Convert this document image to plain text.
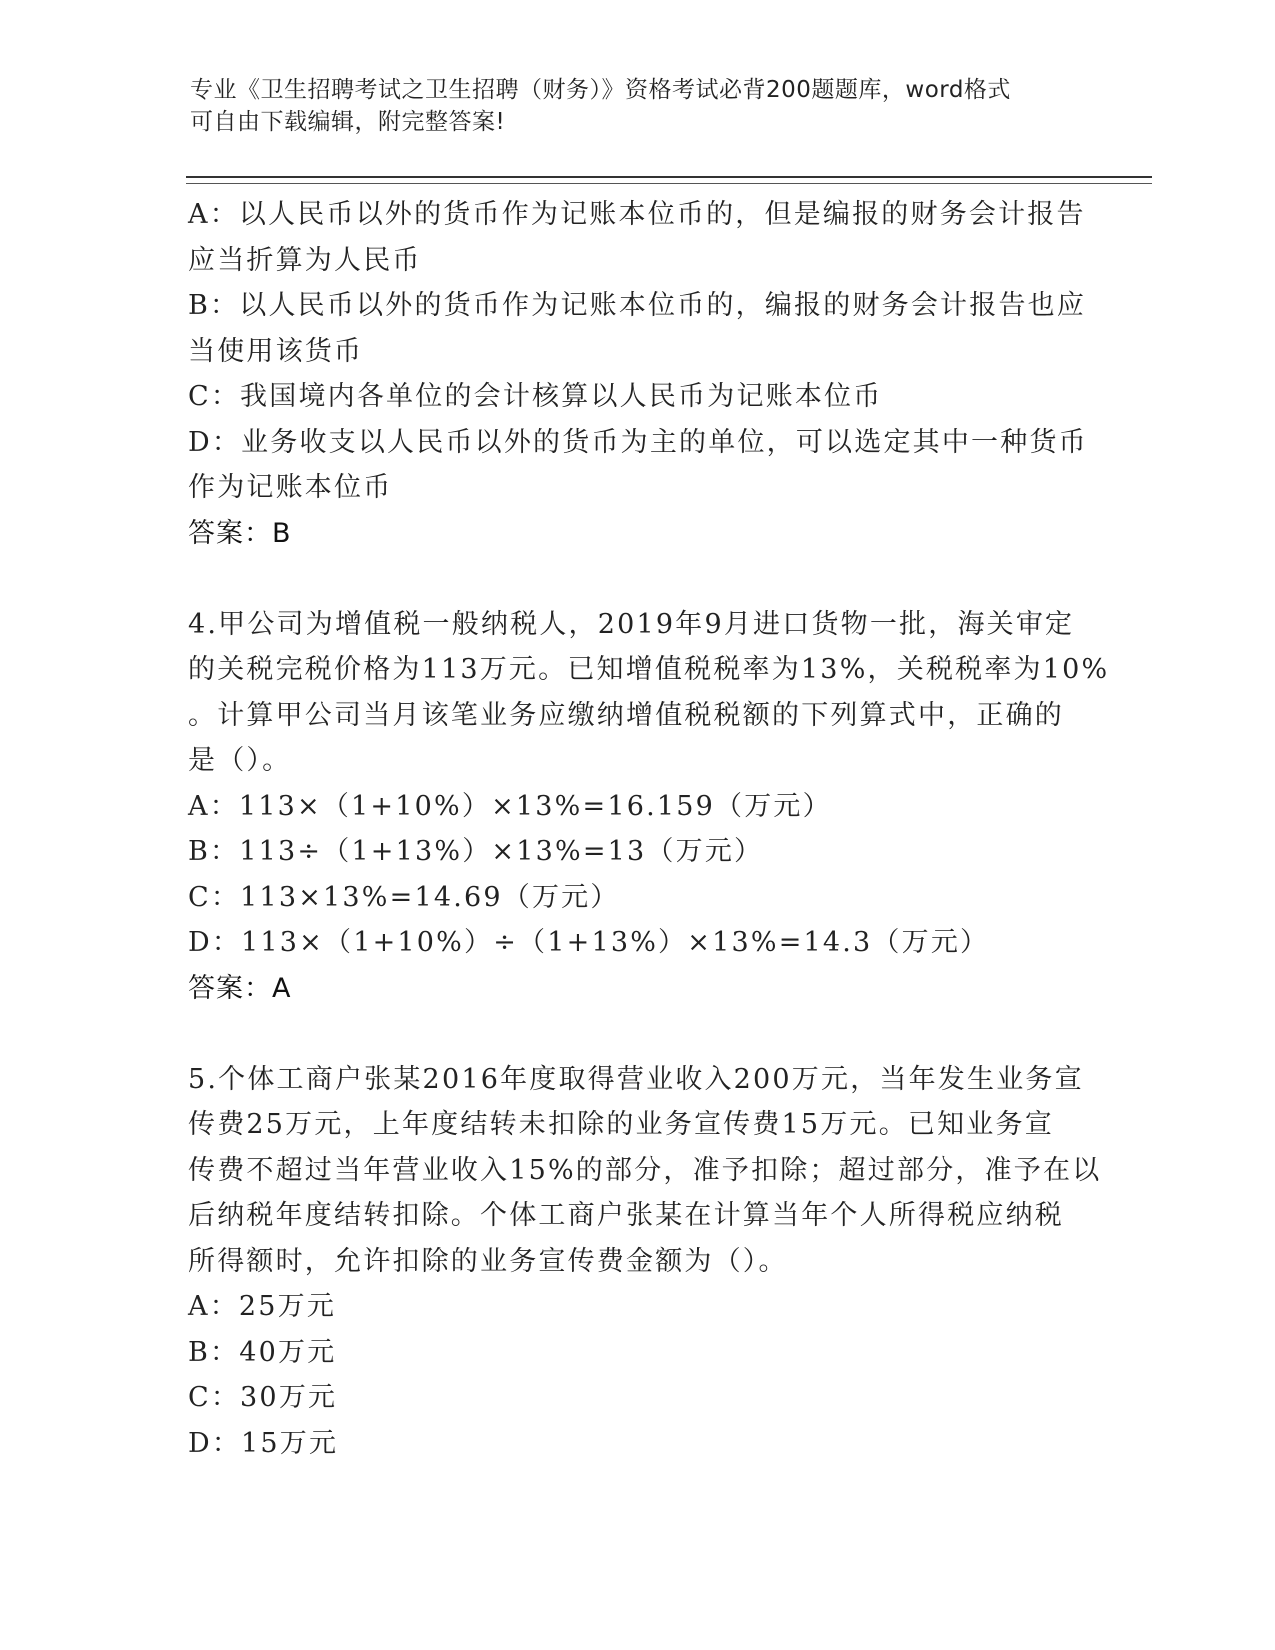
专业《卫生招聘考试之卫生招聘（财务）》资格考试必背200题题库，word格式
可自由下载编辑，附完整答案!
A：以人民币以外的货币作为记账本位币的，但是编报的财务会计报告
应当折算为人民币
B：以人民币以外的货币作为记账本位币的，编报的财务会计报告也应
当使用该货币
C：我国境内各单位的会计核算以人民币为记账本位币
D：业务收支以人民币以外的货币为主的单位，可以选定其中一种货币
作为记账本位币
答案：B
4.甲公司为增值税一般纳税人，2019年9月进口货物一批，海关审定
的关税完税价格为113万元。已知增值税税率为13%，关税税率为10%
。计算甲公司当月该笔业务应缴纳增值税税额的下列算式中，正确的
是（）。
A：113×（1+10%）×13%=16.159（万元）
B：113÷（1+13%）×13%=13（万元）
C：113×13%=14.69（万元）
D：113×（1+10%）÷（1+13%）×13%=14.3（万元）
答案：A
5.个体工商户张某2016年度取得营业收入200万元，当年发生业务宣
传费25万元，上年度结转未扣除的业务宣传费15万元。已知业务宣
传费不超过当年营业收入15%的部分，准予扣除；超过部分，准予在以
后纳税年度结转扣除。个体工商户张某在计算当年个人所得税应纳税
所得额时，允许扣除的业务宣传费金额为（）。
A：25万元
B：40万元
C：30万元
D：15万元
